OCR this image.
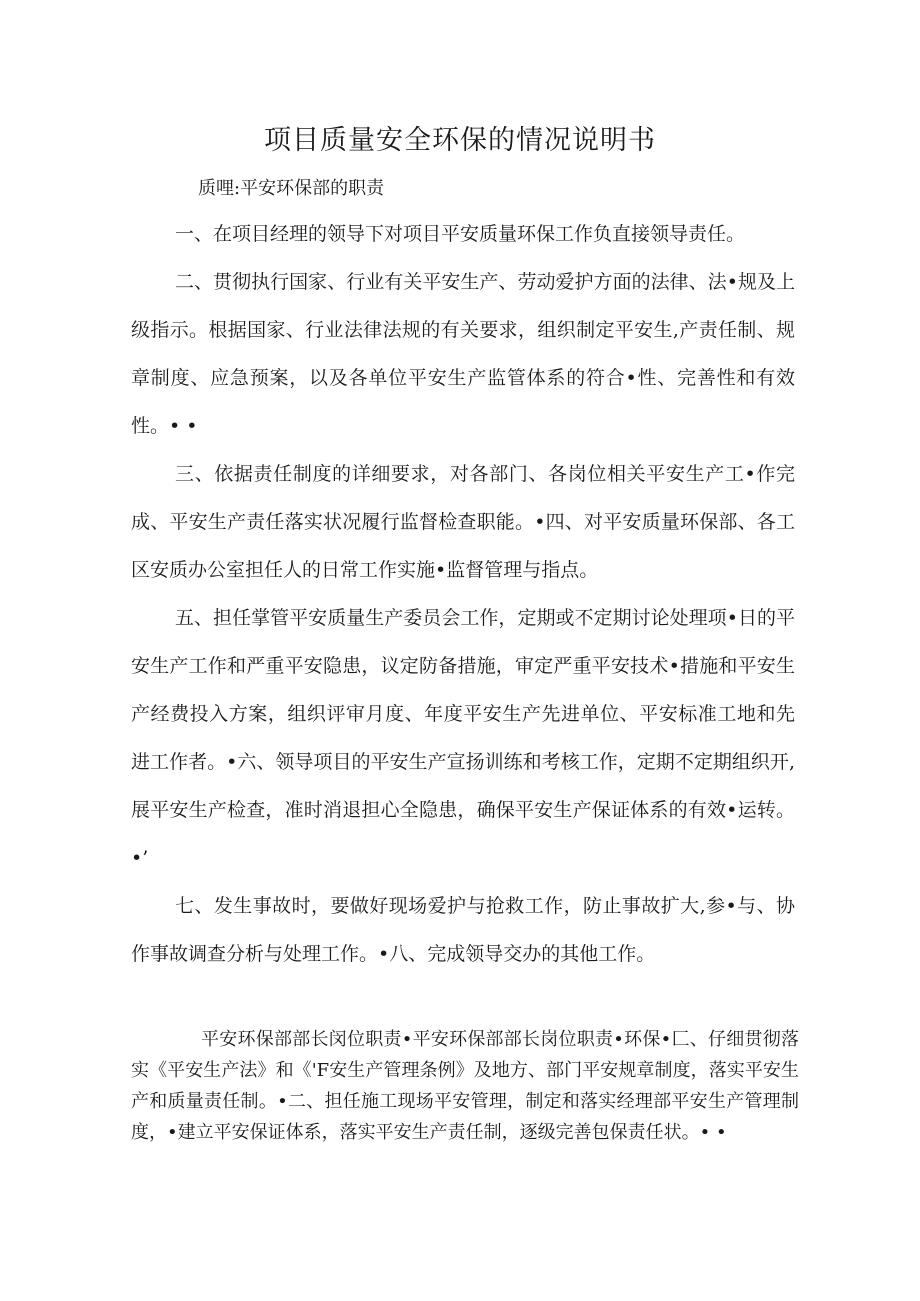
项目质量安全环保的情况说明书

质哩:平安环保部的职责

一、在项目经理的领导下对项目平安质量环保工作负直接领导责任。

二、贯彻执行国家、行业有关平安生产、劳动爱护方面的法律、法•规及上级指示。根据国家、行业法律法规的有关要求，组织制定平安生,产责任制、规章制度、应急预案，以及各单位平安生产监管体系的符合•性、完善性和有效性。• •

三、依据责任制度的详细要求，对各部门、各岗位相关平安生产工•作完成、平安生产责任落实状况履行监督检查职能。•四、对平安质量环保部、各工区安质办公室担任人的日常工作实施•监督管理与指点。

五、担任掌管平安质量生产委员会工作，定期或不定期讨论处理项•日的平安生产工作和严重平安隐患，议定防备措施，审定严重平安技术•措施和平安生产经费投入方案，组织评审月度、年度平安生产先进单位、平安标准工地和先进工作者。•六、领导项目的平安生产宣扬训练和考核工作，定期不定期组织开,展平安生产检查，准时消退担心全隐患，确保平安生产保证体系的有效•运转。•’

七、发生事故时，要做好现场爱护与抢救工作，防止事故扩大,参•与、协作事故调查分析与处理工作。•八、完成领导交办的其他工作。

平安环保部部长闵位职责•平安环保部部长岗位职责•环保•匚、仔细贯彻落实《平安生产法》和《'F安生产管理条例》及地方、部门平安规章制度，落实平安生产和质量责任制。•二、担任施工现场平安管理，制定和落实经理部平安生产管理制度，•建立平安保证体系，落实平安生产责任制，逐级完善包保责任状。• •
